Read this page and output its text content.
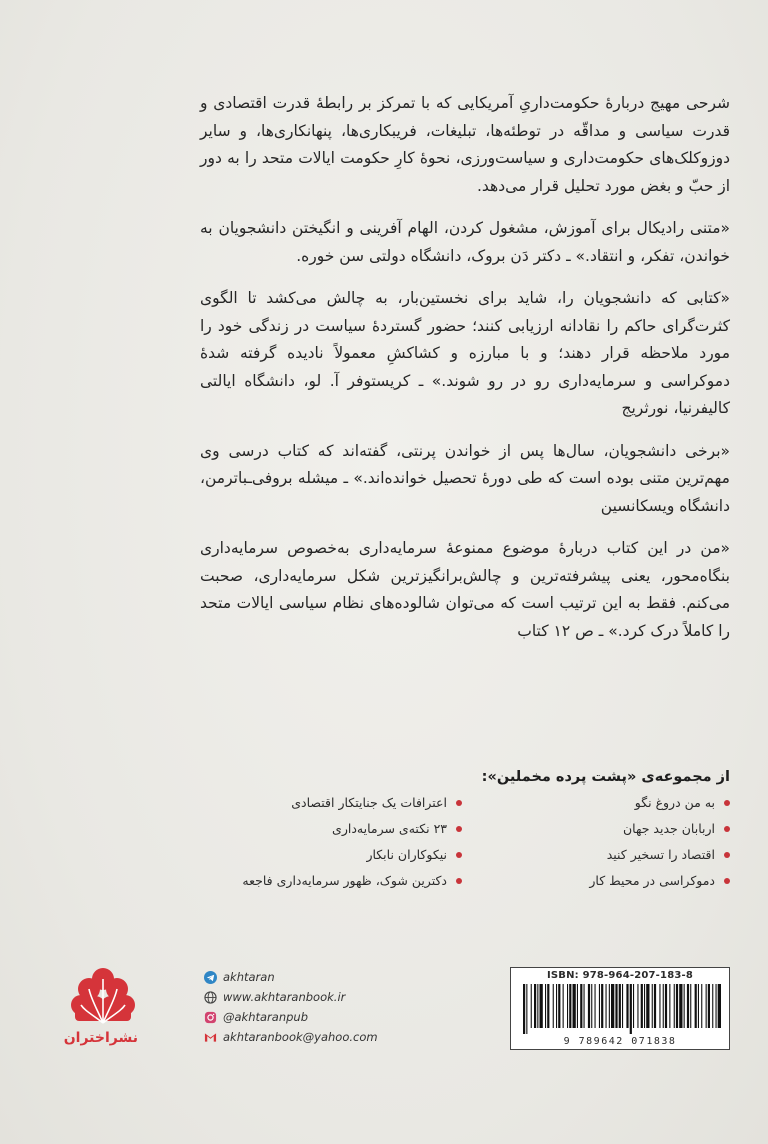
شرحی مهیج دربارهٔ حکومت‌داریِ آمریکایی که با تمرکز بر رابطهٔ قدرت اقتصادی و قدرت سیاسی و مداقّه در توطئه‌ها، تبلیغات، فریبکاری‌ها، پنهانکاری‌ها، و سایر دوزوکلک‌های حکومت‌داری و سیاست‌ورزی، نحوهٔ کارِ حکومت ایالات متحد را به دور از حبّ و بغض مورد تحلیل قرار می‌دهد.

«متنی رادیکال برای آموزش، مشغول کردن، الهام آفرینی و انگیختن دانشجویان به خواندن، تفکر، و انتقاد.» ـ دکتر دَن بروک، دانشگاه دولتی سن خوره.

«کتابی که دانشجویان را، شاید برای نخستین‌بار، به چالش می‌کشد تا الگوی کثرت‌گرای حاکم را نقادانه ارزیابی کنند؛ حضور گستردهٔ سیاست در زندگی خود را مورد ملاحظه قرار دهند؛ و با مبارزه و کشاکشِ معمولاً نادیده گرفته شدهٔ دموکراسی و سرمایه‌داری رو در رو شوند.» ـ کریستوفر آ. لو، دانشگاه ایالتی کالیفرنیا، نورثریج

«برخی دانشجویان، سال‌ها پس از خواندن پرنتی، گفته‌اند که کتاب درسی وی مهم‌ترین متنی بوده است که طی دورهٔ تحصیل خوانده‌اند.» ـ میشله بروفی‌ـباترمن، دانشگاه ویسکانسین

«من در این کتاب دربارهٔ موضوع ممنوعهٔ سرمایه‌داری به‌خصوص سرمایه‌داری بنگاه‌محور، یعنی پیشرفته‌ترین و چالش‌برانگیزترین شکل سرمایه‌داری، صحبت می‌کنم. فقط به این ترتیب است که می‌توان شالوده‌های نظام سیاسی ایالات متحد را کاملاً درک کرد.» ـ ص ۱۲ کتاب

از مجموعه‌ی «پشت پرده مخملین»:
به من دروغ نگو
اعترافات یک جنایتکار اقتصادی
اربابان جدید جهان
۲۳ نکته‌ی سرمایه‌داری
اقتصاد را تسخیر کنید
نیکوکاران نابکار
دموکراسی در محیط کار
دکترین شوک، ظهور سرمایه‌داری فاجعه
نشراختران
akhtaran
www.akhtaranbook.ir
@akhtaranpub
akhtaranbook@yahoo.com
ISBN: 978-964-207-183-8
9 789642 071838
